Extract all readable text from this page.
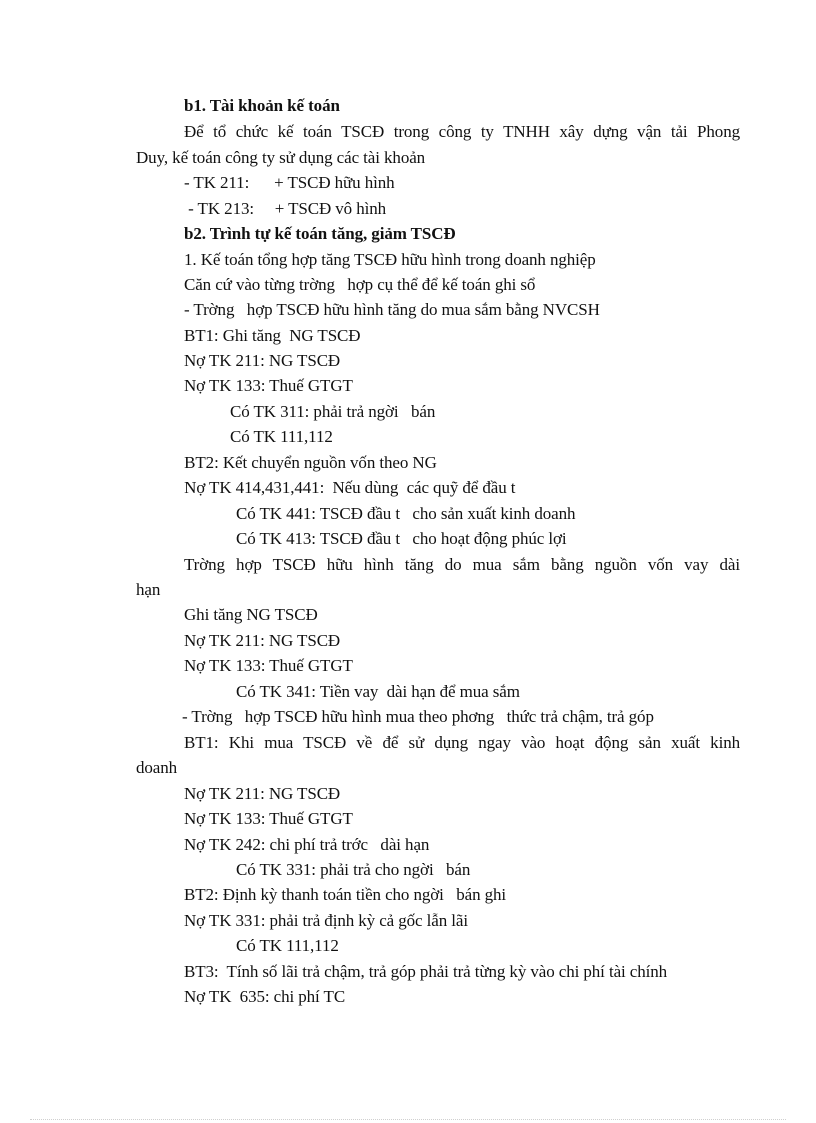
b1. Tài khoản kế toán
Để tổ chức kế toán TSCĐ trong công ty TNHH xây dựng vận tải Phong
Duy, kế toán công ty sử dụng các tài khoản
- TK 211:      + TSCĐ hữu hình
- TK 213:     + TSCĐ vô hình
b2. Trình tự kế toán tăng, giảm TSCĐ
1. Kế toán tổng hợp tăng TSCĐ hữu hình trong doanh nghiệp
Căn cứ vào từng trờng   hợp cụ thể để kế toán ghi sổ
- Trờng   hợp TSCĐ hữu hình tăng do mua sắm bằng NVCSH
BT1: Ghi tăng  NG TSCĐ
Nợ TK 211: NG TSCĐ
Nợ TK 133: Thuế GTGT
Có TK 311: phải trả ngời   bán
Có TK 111,112
BT2: Kết chuyển nguồn vốn theo NG
Nợ TK 414,431,441:  Nếu dùng  các quỹ để đầu t
Có TK 441: TSCĐ đầu t   cho sản xuất kinh doanh
Có TK 413: TSCĐ đầu t   cho hoạt động phúc lợi
Trờng hợp TSCĐ hữu hình tăng do mua sắm bằng nguồn vốn vay dài
hạn
Ghi tăng NG TSCĐ
Nợ TK 211: NG TSCĐ
Nợ TK 133: Thuế GTGT
Có TK 341: Tiền vay  dài hạn để mua sắm
- Trờng   hợp TSCĐ hữu hình mua theo phơng   thức trả chậm, trả góp
BT1: Khi mua TSCĐ về để sử dụng ngay vào hoạt động sản xuất kinh
doanh
Nợ TK 211: NG TSCĐ
Nợ TK 133: Thuế GTGT
Nợ TK 242: chi phí trả trớc   dài hạn
Có TK 331: phải trả cho ngời   bán
BT2: Định kỳ thanh toán tiền cho ngời   bán ghi
Nợ TK 331: phải trả định kỳ cả gốc lẫn lãi
Có TK 111,112
BT3:  Tính số lãi trả chậm, trả góp phải trả từng kỳ vào chi phí tài chính
Nợ TK  635: chi phí TC
